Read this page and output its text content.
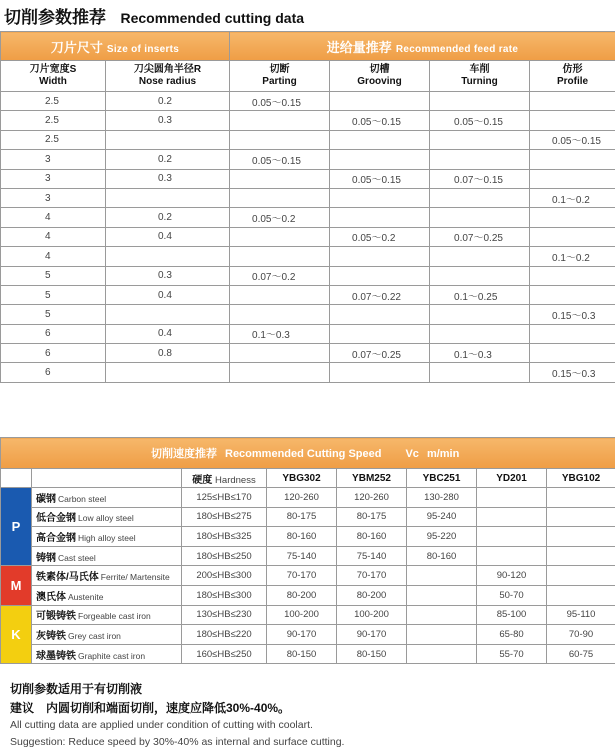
切削参数推荐 Recommended cutting data
刀片尺寸 Size of inserts		进给量推荐 Recommended feed rate			
刀片宽度S
Width	刀尖圆角半径R
Nose radius	切断
Parting	切槽
Grooving	车削
Turning	仿形
Profile
2.5	0.2	0.05～0.15			
2.5	0.3		0.05～0.15	0.05～0.15	
2.5					0.05～0.15
3	0.2	0.05～0.15			
3	0.3		0.05～0.15	0.07～0.15	
3					0.1～0.2
4	0.2	0.05～0.2			
4	0.4		0.05～0.2	0.07～0.25	
4					0.1～0.2
5	0.3	0.07～0.2			
5	0.4		0.07～0.22	0.1～0.25	
5					0.15～0.3
6	0.4	0.1～0.3			
6	0.8		0.07～0.25	0.1～0.3	
6					0.15～0.3
切削速度推荐 Recommended Cutting Speed Vc m/min							
		硬度 Hardness	YBG302	YBM252	YBC251	YD201	YBG102
P	碳钢 Carbon steel	125≤HB≤170	120-260	120-260	130-280		
	低合金钢 Low alloy steel	180≤HB≤275	80-175	80-175	95-240		
	高合金钢 High alloy steel	180≤HB≤325	80-160	80-160	95-220		
	铸钢 Cast steel	180≤HB≤250	75-140	75-140	80-160		
M	铁素体/马氏体 Ferrite/ Martensite	200≤HB≤300	70-170	70-170		90-120	
	澳氏体 Austenite	180≤HB≤300	80-200	80-200		50-70	
K	可锻铸铁 Forgeable cast iron	130≤HB≤230	100-200	100-200		85-100	95-110
	灰铸铁 Grey cast iron	180≤HB≤220	90-170	90-170		65-80	70-90
	球墨铸铁 Graphite cast iron	160≤HB≤250	80-150	80-150		55-70	60-75
切削参数适用于有切削液
建议　内圆切削和端面切削，速度应降低30%-40%。
All cutting data are applied under condition of cutting with coolart.
Suggestion: Reduce speed by 30%-40% as internal and surface cutting.
